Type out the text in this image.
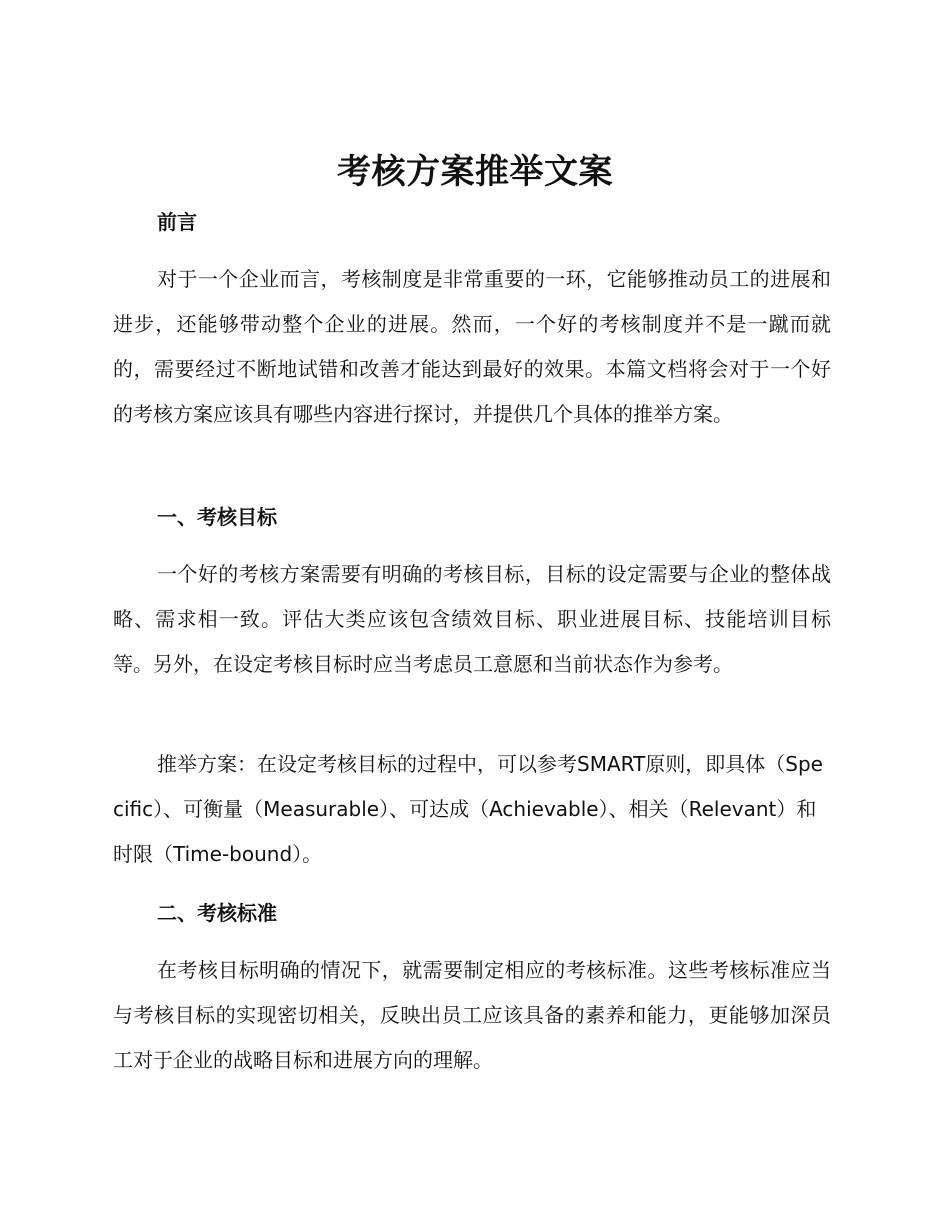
考核方案推举文案
前言

对于一个企业而言，考核制度是非常重要的一环，它能够推动员工的进展和进步，还能够带动整个企业的进展。然而，一个好的考核制度并不是一蹴而就的，需要经过不断地试错和改善才能达到最好的效果。本篇文档将会对于一个好的考核方案应该具有哪些内容进行探讨，并提供几个具体的推举方案。

一、考核目标

一个好的考核方案需要有明确的考核目标，目标的设定需要与企业的整体战略、需求相一致。评估大类应该包含绩效目标、职业进展目标、技能培训目标等。另外，在设定考核目标时应当考虑员工意愿和当前状态作为参考。

推举方案：在设定考核目标的过程中，可以参考SMART原则，即具体（Specific）、可衡量（Measurable）、可达成（Achievable）、相关（Relevant）和时限（Time-bound）。

二、考核标准

在考核目标明确的情况下，就需要制定相应的考核标准。这些考核标准应当与考核目标的实现密切相关，反映出员工应该具备的素养和能力，更能够加深员工对于企业的战略目标和进展方向的理解。
